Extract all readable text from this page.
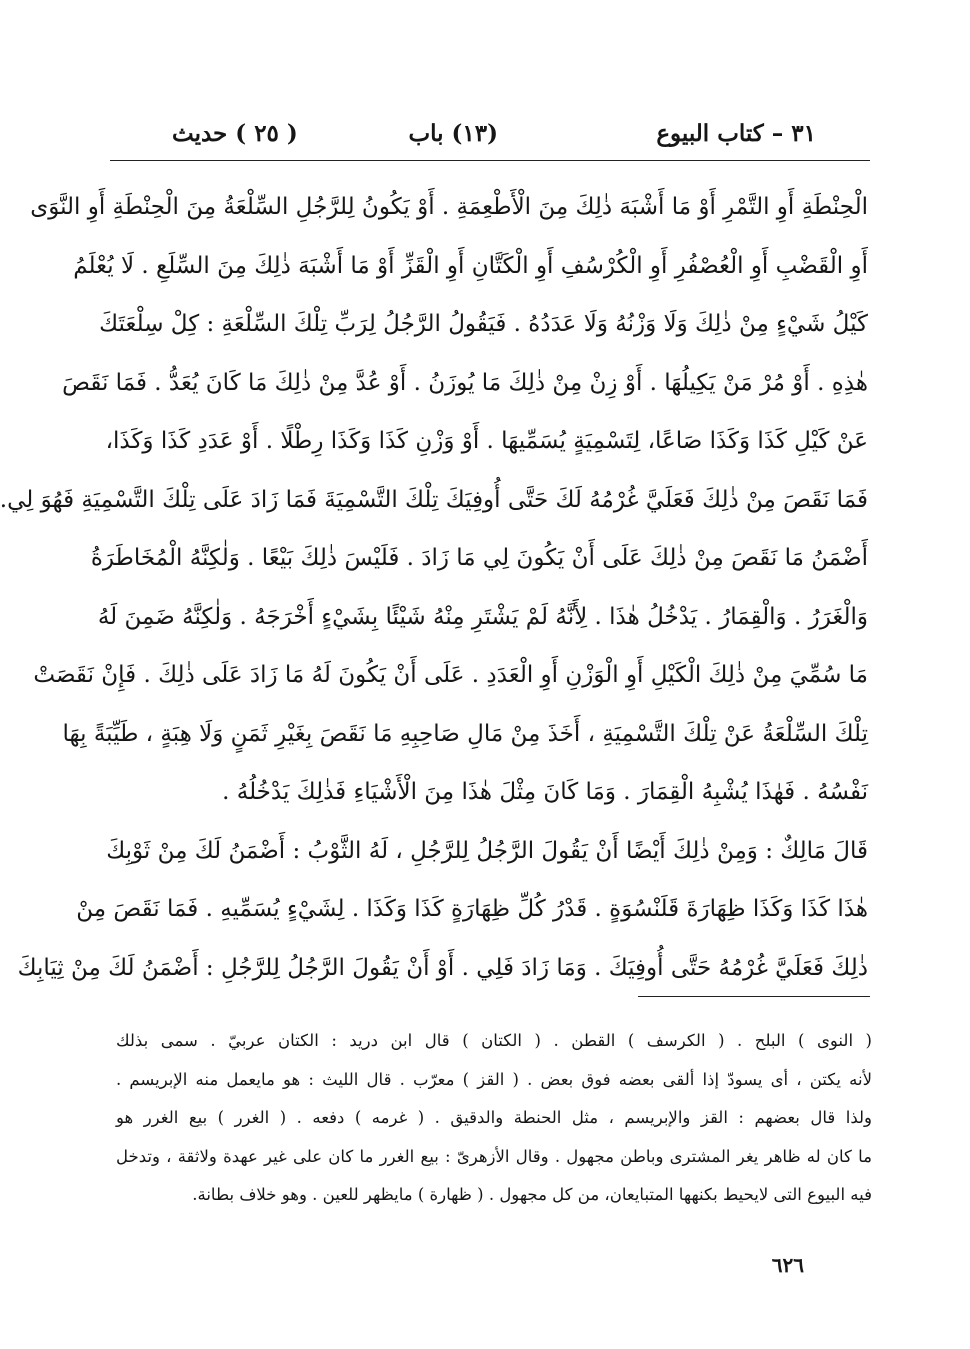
٣١ – كتاب البيوع
(١٣) باب
( ٢٥ ) حديث
الْحِنْطَةِ أَوِ التَّمْرِ أَوْ مَا أَشْبَهَ ذٰلِكَ مِنَ الْأَطْعِمَةِ . أَوْ يَكُونُ لِلرَّجُلِ السِّلْعَةُ مِنَ الْحِنْطَةِ أَوِ النَّوَى
أَوِ الْقَضْبِ أَوِ الْعُصْفُرِ أَوِ الْكُرْسُفِ أَوِ الْكَتَّانِ أَوِ الْقَزِّ أَوْ مَا أَشْبَهَ ذٰلِكَ مِنَ السِّلَعِ . لَا يُعْلَمُ
كَيْلُ شَيْءٍ مِنْ ذٰلِكَ وَلَا وَزْنُهُ وَلَا عَدَدُهُ . فَيَقُولُ الرَّجُلُ لِرَبِّ تِلْكَ السِّلْعَةِ : كِلْ سِلْعَتَكَ
هٰذِهِ . أَوْ مُرْ مَنْ يَكِيلُهَا . أَوْ زِنْ مِنْ ذٰلِكَ مَا يُوزَنُ . أَوْ عُدَّ مِنْ ذٰلِكَ مَا كَانَ يُعَدُّ . فَمَا نَقَصَ
عَنْ كَيْلِ كَذَا وَكَذَا صَاعًا، لِتَسْمِيَةٍ يُسَمِّيهَا . أَوْ وَزْنِ كَذَا وَكَذَا رِطْلًا . أَوْ عَدَدِ كَذَا وَكَذَا،
فَمَا نَقَصَ مِنْ ذٰلِكَ فَعَلَيَّ غُرْمُهُ لَكَ حَتَّى أُوفِيَكَ تِلْكَ التَّسْمِيَةَ فَمَا زَادَ عَلَى تِلْكَ التَّسْمِيَةِ فَهُوَ لِي.
أَضْمَنُ مَا نَقَصَ مِنْ ذٰلِكَ عَلَى أَنْ يَكُونَ لِي مَا زَادَ . فَلَيْسَ ذٰلِكَ بَيْعًا . وَلٰكِنَّهُ الْمُخَاطَرَةُ
وَالْغَرَرُ . وَالْقِمَارُ . يَدْخُلُ هٰذَا . لِأَنَّهُ لَمْ يَشْتَرِ مِنْهُ شَيْئًا بِشَيْءٍ أَخْرَجَهُ . وَلٰكِنَّهُ ضَمِنَ لَهُ
مَا سُمِّيَ مِنْ ذٰلِكَ الْكَيْلِ أَوِ الْوَزْنِ أَوِ الْعَدَدِ . عَلَى أَنْ يَكُونَ لَهُ مَا زَادَ عَلَى ذٰلِكَ . فَإِنْ نَقَصَتْ
تِلْكَ السِّلْعَةُ عَنْ تِلْكَ التَّسْمِيَةِ ، أَخَذَ مِنْ مَالِ صَاحِبِهِ مَا نَقَصَ بِغَيْرِ ثَمَنٍ وَلَا هِبَةٍ ، طَيِّبَةً بِهَا
نَفْسُهُ . فَهٰذَا يُشْبِهُ الْقِمَارَ . وَمَا كَانَ مِثْلَ هٰذَا مِنَ الْأَشْيَاءِ فَذٰلِكَ يَدْخُلُهُ .
قَالَ مَالِكٌ : وَمِنْ ذٰلِكَ أَيْضًا أَنْ يَقُولَ الرَّجُلُ لِلرَّجُلِ ، لَهُ الثَّوْبُ : أَضْمَنُ لَكَ مِنْ ثَوْبِكَ
هٰذَا كَذَا وَكَذَا ظِهَارَةَ قَلَنْسُوَةٍ . قَدْرُ كُلِّ ظِهَارَةٍ كَذَا وَكَذَا . لِشَيْءٍ يُسَمِّيهِ . فَمَا نَقَصَ مِنْ
ذٰلِكَ فَعَلَيَّ غُرْمُهُ حَتَّى أُوفِيَكَ . وَمَا زَادَ فَلِي . أَوْ أَنْ يَقُولَ الرَّجُلُ لِلرَّجُلِ : أَضْمَنُ لَكَ مِنْ ثِيَابِكَ
( النوى ) البلح . ( الكرسف ) القطن . ( الكتان ) قال ابن دريد : الكتان عربيّ . سمى بذلك
لأنه يكتن ، أى يسودّ إذا ألقى بعضه فوق بعض . ( القز ) معرّب . قال الليث : هو مايعمل منه الإبريسم .
ولذا قال بعضهم : القز والإبريسم ، مثل الحنطة والدقيق . ( غرمه ) دفعه . ( الغرر ) بيع الغرر هو
ما كان له ظاهر يغر المشترى وباطن مجهول . وقال الأزهرىّ : بيع الغرر ما كان على غير عهدة ولاثقة ، وتدخل
فيه البيوع التى لايحيط بكنهها المتبايعان، من كل مجهول . ( ظهارة ) مايظهر للعين . وهو خلاف بطانة.
٦٢٦
